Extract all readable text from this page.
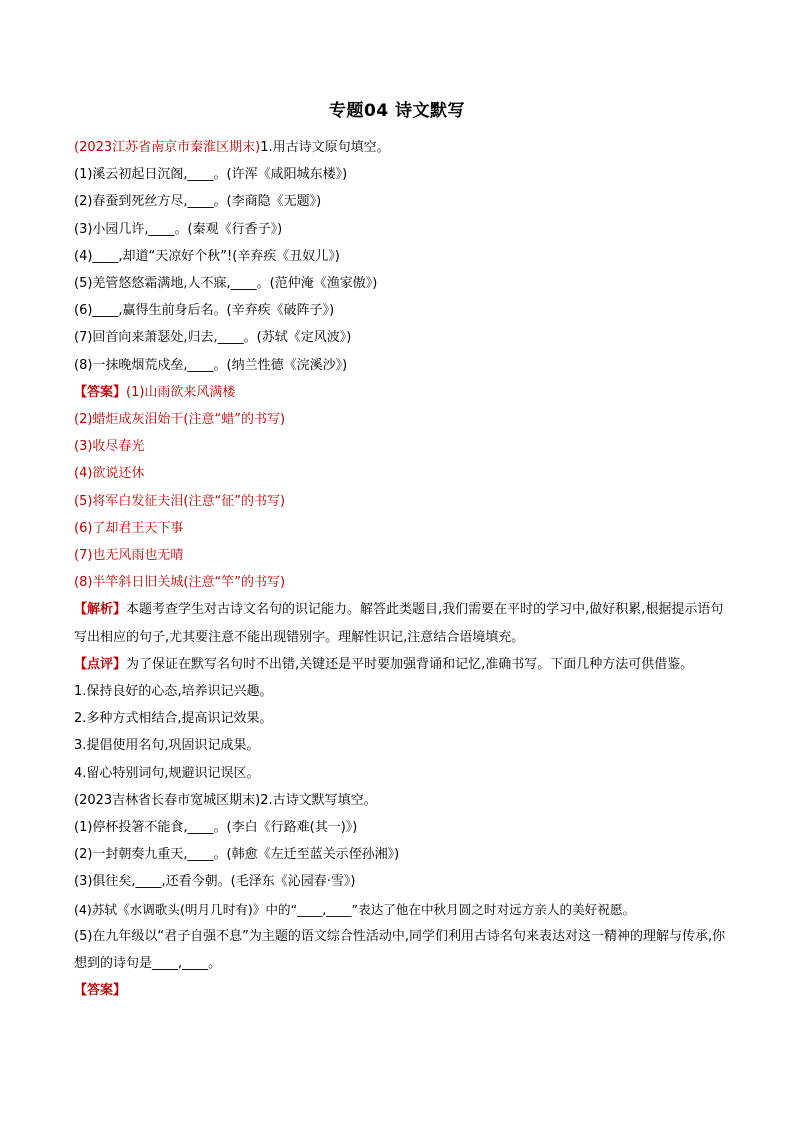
专题04 诗文默写
(2023江苏省南京市秦淮区期末)1.用古诗文原句填空。
(1)溪云初起日沉阁,____。(许浑《咸阳城东楼》)
(2)春蚕到死丝方尽,____。(李商隐《无题》)
(3)小园几许,____。(秦观《行香子》)
(4)____,却道“天凉好个秋”!(辛弃疾《丑奴儿》)
(5)羌管悠悠霜满地,人不寐,____。(范仲淹《渔家傲》)
(6)____,赢得生前身后名。(辛弃疾《破阵子》)
(7)回首向来萧瑟处,归去,____。(苏轼《定风波》)
(8)一抹晚烟荒戍垒,____。(纳兰性德《浣溪沙》)
【答案】(1)山雨欲来风满楼
(2)蜡炬成灰泪始干(注意“蜡”的书写)
(3)收尽春光
(4)欲说还休
(5)将军白发征夫泪(注意“征”的书写)
(6)了却君王天下事
(7)也无风雨也无晴
(8)半竿斜日旧关城(注意“竿”的书写)
【解析】本题考查学生对古诗文名句的识记能力。解答此类题目,我们需要在平时的学习中,做好积累,根据提示语句写出相应的句子,尤其要注意不能出现错别字。理解性识记,注意结合语境填充。
【点评】为了保证在默写名句时不出错,关键还是平时要加强背诵和记忆,准确书写。下面几种方法可供借鉴。
1.保持良好的心态,培养识记兴趣。
2.多种方式相结合,提高识记效果。
3.提倡使用名句,巩固识记成果。
4.留心特别词句,规避识记误区。
(2023吉林省长春市宽城区期末)2.古诗文默写填空。
(1)停杯投箸不能食,____。(李白《行路难(其一)》)
(2)一封朝奏九重天,____。(韩愈《左迁至蓝关示侄孙湘》)
(3)俱往矣,____,还看今朝。(毛泽东《沁园春·雪》)
(4)苏轼《水调歌头(明月几时有)》中的“____,____”表达了他在中秋月圆之时对远方亲人的美好祝愿。
(5)在九年级以“君子自强不息”为主题的语文综合性活动中,同学们利用古诗名句来表达对这一精神的理解与传承,你想到的诗句是____,____。
【答案】
